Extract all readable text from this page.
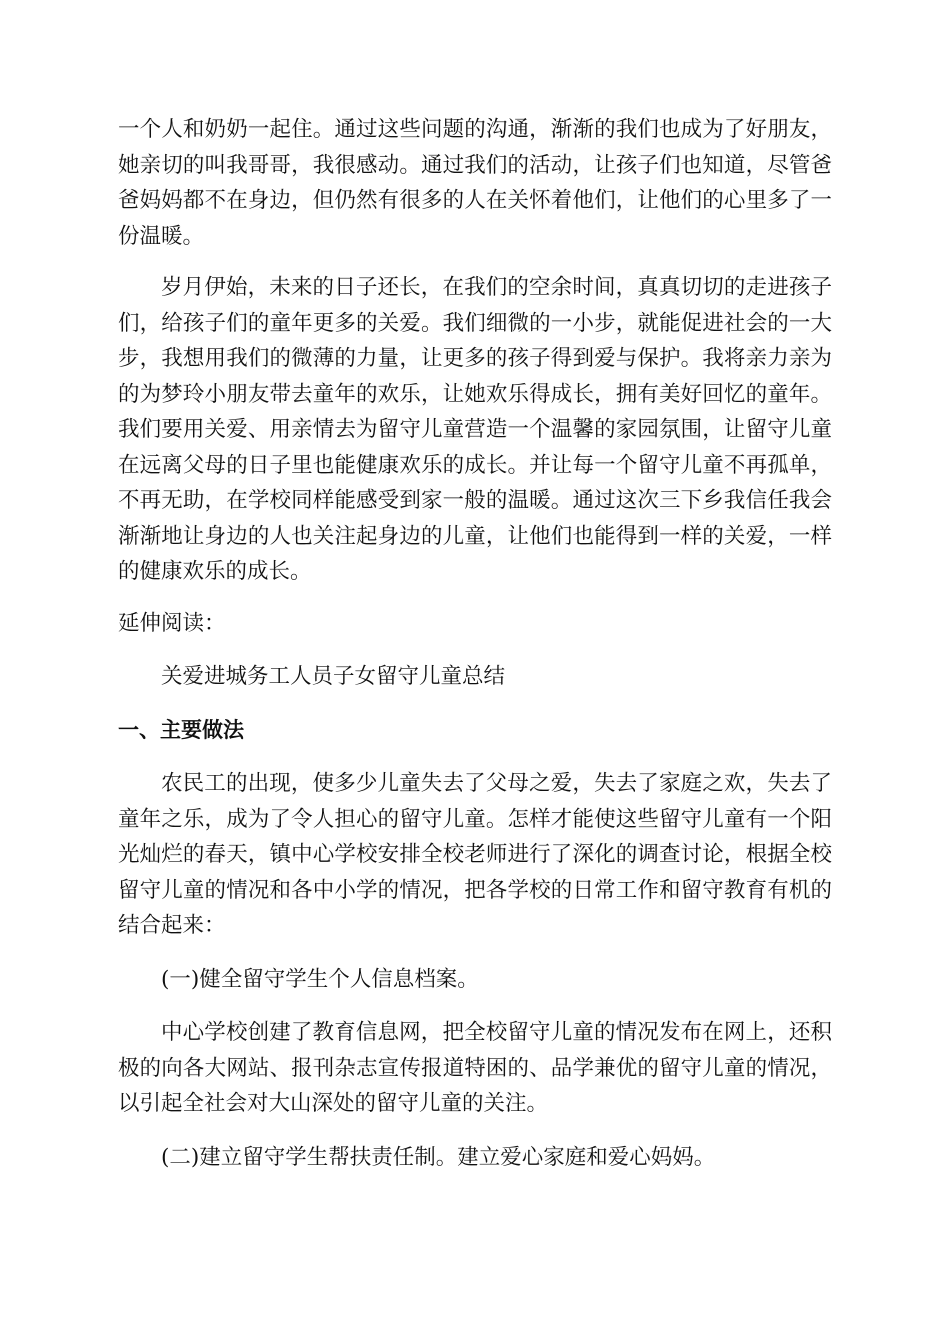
一个人和奶奶一起住。通过这些问题的沟通，渐渐的我们也成为了好朋友，她亲切的叫我哥哥，我很感动。通过我们的活动，让孩子们也知道，尽管爸爸妈妈都不在身边，但仍然有很多的人在关怀着他们，让他们的心里多了一份温暖。

岁月伊始，未来的日子还长，在我们的空余时间，真真切切的走进孩子们，给孩子们的童年更多的关爱。我们细微的一小步，就能促进社会的一大步，我想用我们的微薄的力量，让更多的孩子得到爱与保护。我将亲力亲为的为梦玲小朋友带去童年的欢乐，让她欢乐得成长，拥有美好回忆的童年。我们要用关爱、用亲情去为留守儿童营造一个温馨的家园氛围，让留守儿童在远离父母的日子里也能健康欢乐的成长。并让每一个留守儿童不再孤单，不再无助，在学校同样能感受到家一般的温暖。通过这次三下乡我信任我会渐渐地让身边的人也关注起身边的儿童，让他们也能得到一样的关爱，一样的健康欢乐的成长。

延伸阅读：

关爱进城务工人员子女留守儿童总结

一、主要做法

农民工的出现，使多少儿童失去了父母之爱，失去了家庭之欢，失去了童年之乐，成为了令人担心的留守儿童。怎样才能使这些留守儿童有一个阳光灿烂的春天，镇中心学校安排全校老师进行了深化的调查讨论，根据全校留守儿童的情况和各中小学的情况，把各学校的日常工作和留守教育有机的结合起来：

(一)健全留守学生个人信息档案。

中心学校创建了教育信息网，把全校留守儿童的情况发布在网上，还积极的向各大网站、报刊杂志宣传报道特困的、品学兼优的留守儿童的情况，以引起全社会对大山深处的留守儿童的关注。

(二)建立留守学生帮扶责任制。建立爱心家庭和爱心妈妈。
